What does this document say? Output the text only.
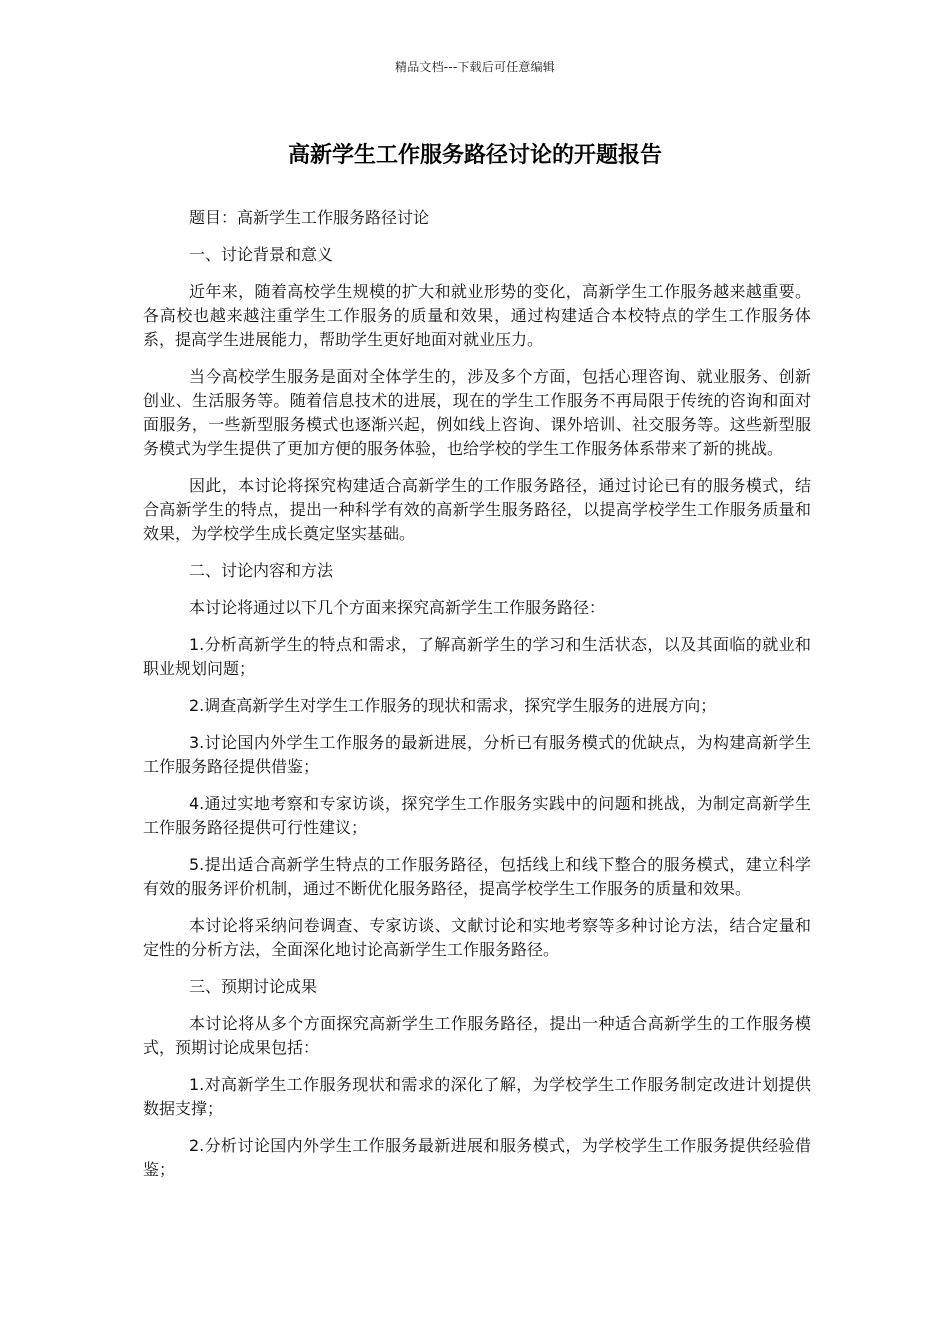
精品文档---下载后可任意编辑
高新学生工作服务路径讨论的开题报告

题目：高新学生工作服务路径讨论

一、讨论背景和意义

近年来，随着高校学生规模的扩大和就业形势的变化，高新学生工作服务越来越重要。各高校也越来越注重学生工作服务的质量和效果，通过构建适合本校特点的学生工作服务体系，提高学生进展能力，帮助学生更好地面对就业压力。

当今高校学生服务是面对全体学生的，涉及多个方面，包括心理咨询、就业服务、创新创业、生活服务等。随着信息技术的进展，现在的学生工作服务不再局限于传统的咨询和面对面服务，一些新型服务模式也逐渐兴起，例如线上咨询、课外培训、社交服务等。这些新型服务模式为学生提供了更加方便的服务体验，也给学校的学生工作服务体系带来了新的挑战。

因此，本讨论将探究构建适合高新学生的工作服务路径，通过讨论已有的服务模式，结合高新学生的特点，提出一种科学有效的高新学生服务路径，以提高学校学生工作服务质量和效果，为学校学生成长奠定坚实基础。

二、讨论内容和方法

本讨论将通过以下几个方面来探究高新学生工作服务路径：

1.分析高新学生的特点和需求，了解高新学生的学习和生活状态，以及其面临的就业和职业规划问题；

2.调查高新学生对学生工作服务的现状和需求，探究学生服务的进展方向；

3.讨论国内外学生工作服务的最新进展，分析已有服务模式的优缺点，为构建高新学生工作服务路径提供借鉴；

4.通过实地考察和专家访谈，探究学生工作服务实践中的问题和挑战，为制定高新学生工作服务路径提供可行性建议；

5.提出适合高新学生特点的工作服务路径，包括线上和线下整合的服务模式，建立科学有效的服务评价机制，通过不断优化服务路径，提高学校学生工作服务的质量和效果。

本讨论将采纳问卷调查、专家访谈、文献讨论和实地考察等多种讨论方法，结合定量和定性的分析方法，全面深化地讨论高新学生工作服务路径。

三、预期讨论成果

本讨论将从多个方面探究高新学生工作服务路径，提出一种适合高新学生的工作服务模式，预期讨论成果包括：

1.对高新学生工作服务现状和需求的深化了解，为学校学生工作服务制定改进计划提供数据支撑；

2.分析讨论国内外学生工作服务最新进展和服务模式，为学校学生工作服务提供经验借鉴；
